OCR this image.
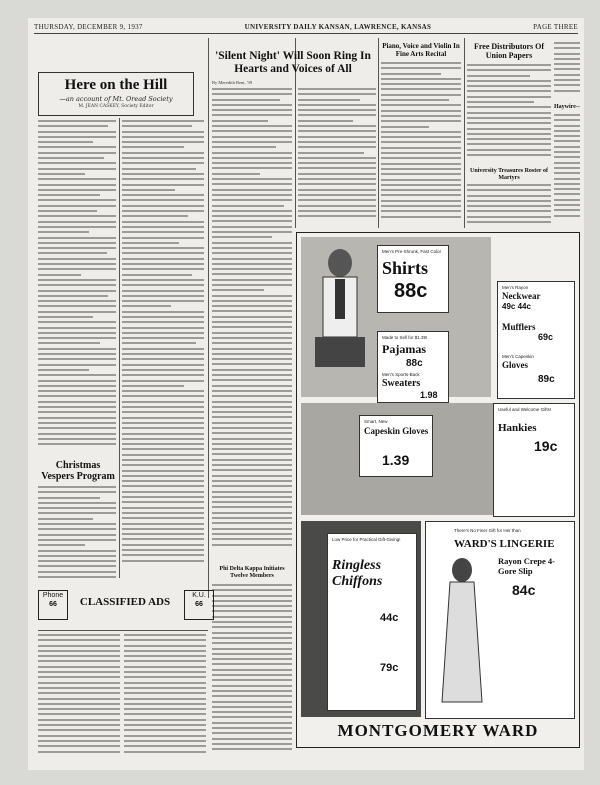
THURSDAY, DECEMBER 9, 1937	UNIVERSITY DAILY KANSAN, LAWRENCE, KANSAS	PAGE THREE
Here on the Hill
—an account of Mt. Oread Society
M. JEAN CASKEY, Society Editor
Christmas Vespers Program
'Silent Night' Will Soon Ring In Hearts and Voices of All
By Meredith Bent, '39
Piano, Voice and Violin In Fine Arts Recital
Free Distributors Of Union Papers
University Treasures Roster of Martyrs
Haywire--
Phi Delta Kappa Initiates Twelve Members
Phone
66	CLASSIFIED ADS
K.U.
66
Men's Pre-Shrunk, Fast Color
Shirts
88c
Made to Sell for $1.39!
Pajamas
88c
Men's Sports-Back
Sweaters
1.98
Men's Rayon
Neckwear
49c 44c
Mufflers
69c
Men's Capeskin
Gloves
89c
Smart, New
Capeskin Gloves
1.39
Useful and Welcome Gifts!
Hankies
19c
Low Price for Practical Gift-Giving!
Ringless Chiffons
44c
79c
There's No Finer Gift for Her than
WARD'S LINGERIE
Rayon Crepe 4-Gore Slip
84c
MONTGOMERY WARD
